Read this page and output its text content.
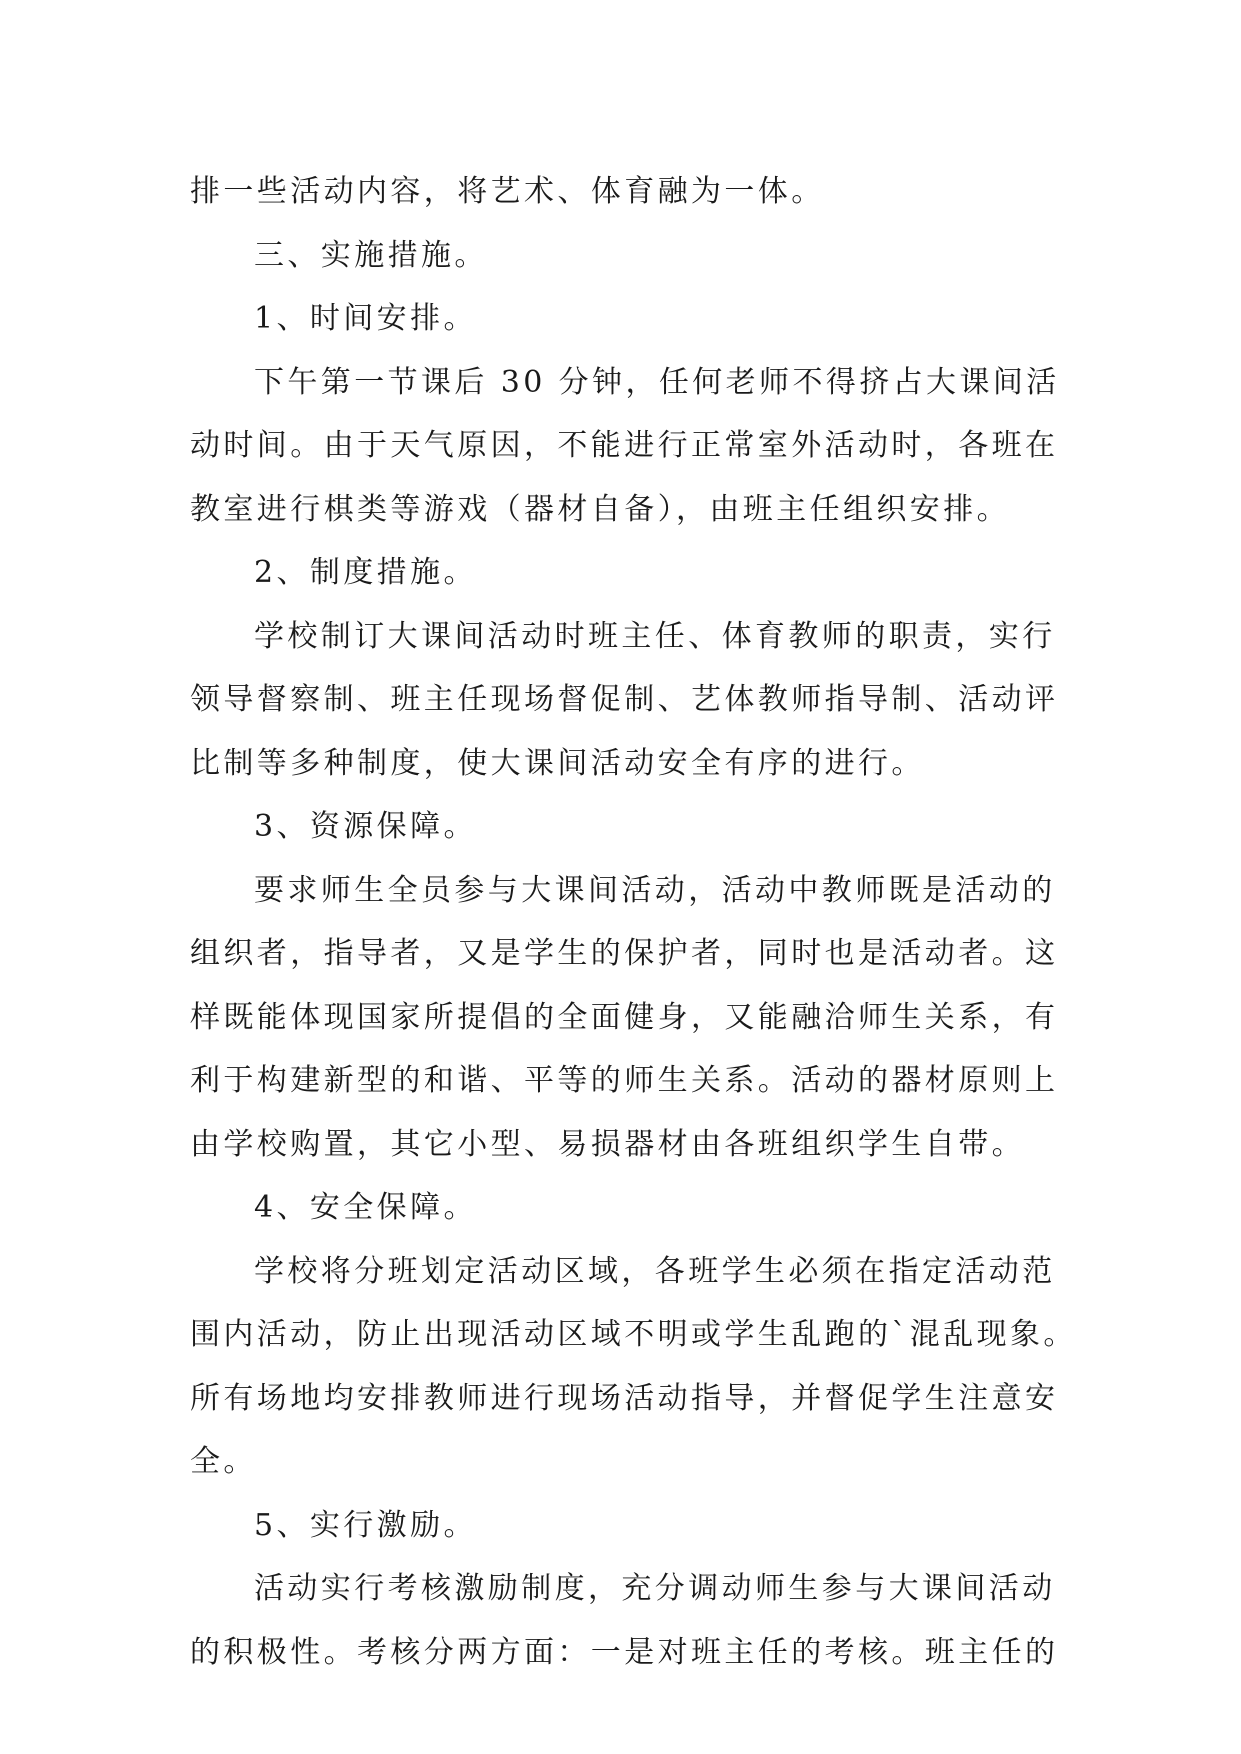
排一些活动内容，将艺术、体育融为一体。
三、实施措施。
1、时间安排。
下午第一节课后 30 分钟，任何老师不得挤占大课间活
动时间。由于天气原因，不能进行正常室外活动时，各班在
教室进行棋类等游戏（器材自备），由班主任组织安排。
2、制度措施。
学校制订大课间活动时班主任、体育教师的职责，实行
领导督察制、班主任现场督促制、艺体教师指导制、活动评
比制等多种制度，使大课间活动安全有序的进行。
3、资源保障。
要求师生全员参与大课间活动，活动中教师既是活动的
组织者，指导者，又是学生的保护者，同时也是活动者。这
样既能体现国家所提倡的全面健身，又能融洽师生关系，有
利于构建新型的和谐、平等的师生关系。活动的器材原则上
由学校购置，其它小型、易损器材由各班组织学生自带。
4、安全保障。
学校将分班划定活动区域，各班学生必须在指定活动范
围内活动，防止出现活动区域不明或学生乱跑的`混乱现象。
所有场地均安排教师进行现场活动指导，并督促学生注意安
全。
5、实行激励。
活动实行考核激励制度，充分调动师生参与大课间活动
的积极性。考核分两方面：一是对班主任的考核。班主任的
